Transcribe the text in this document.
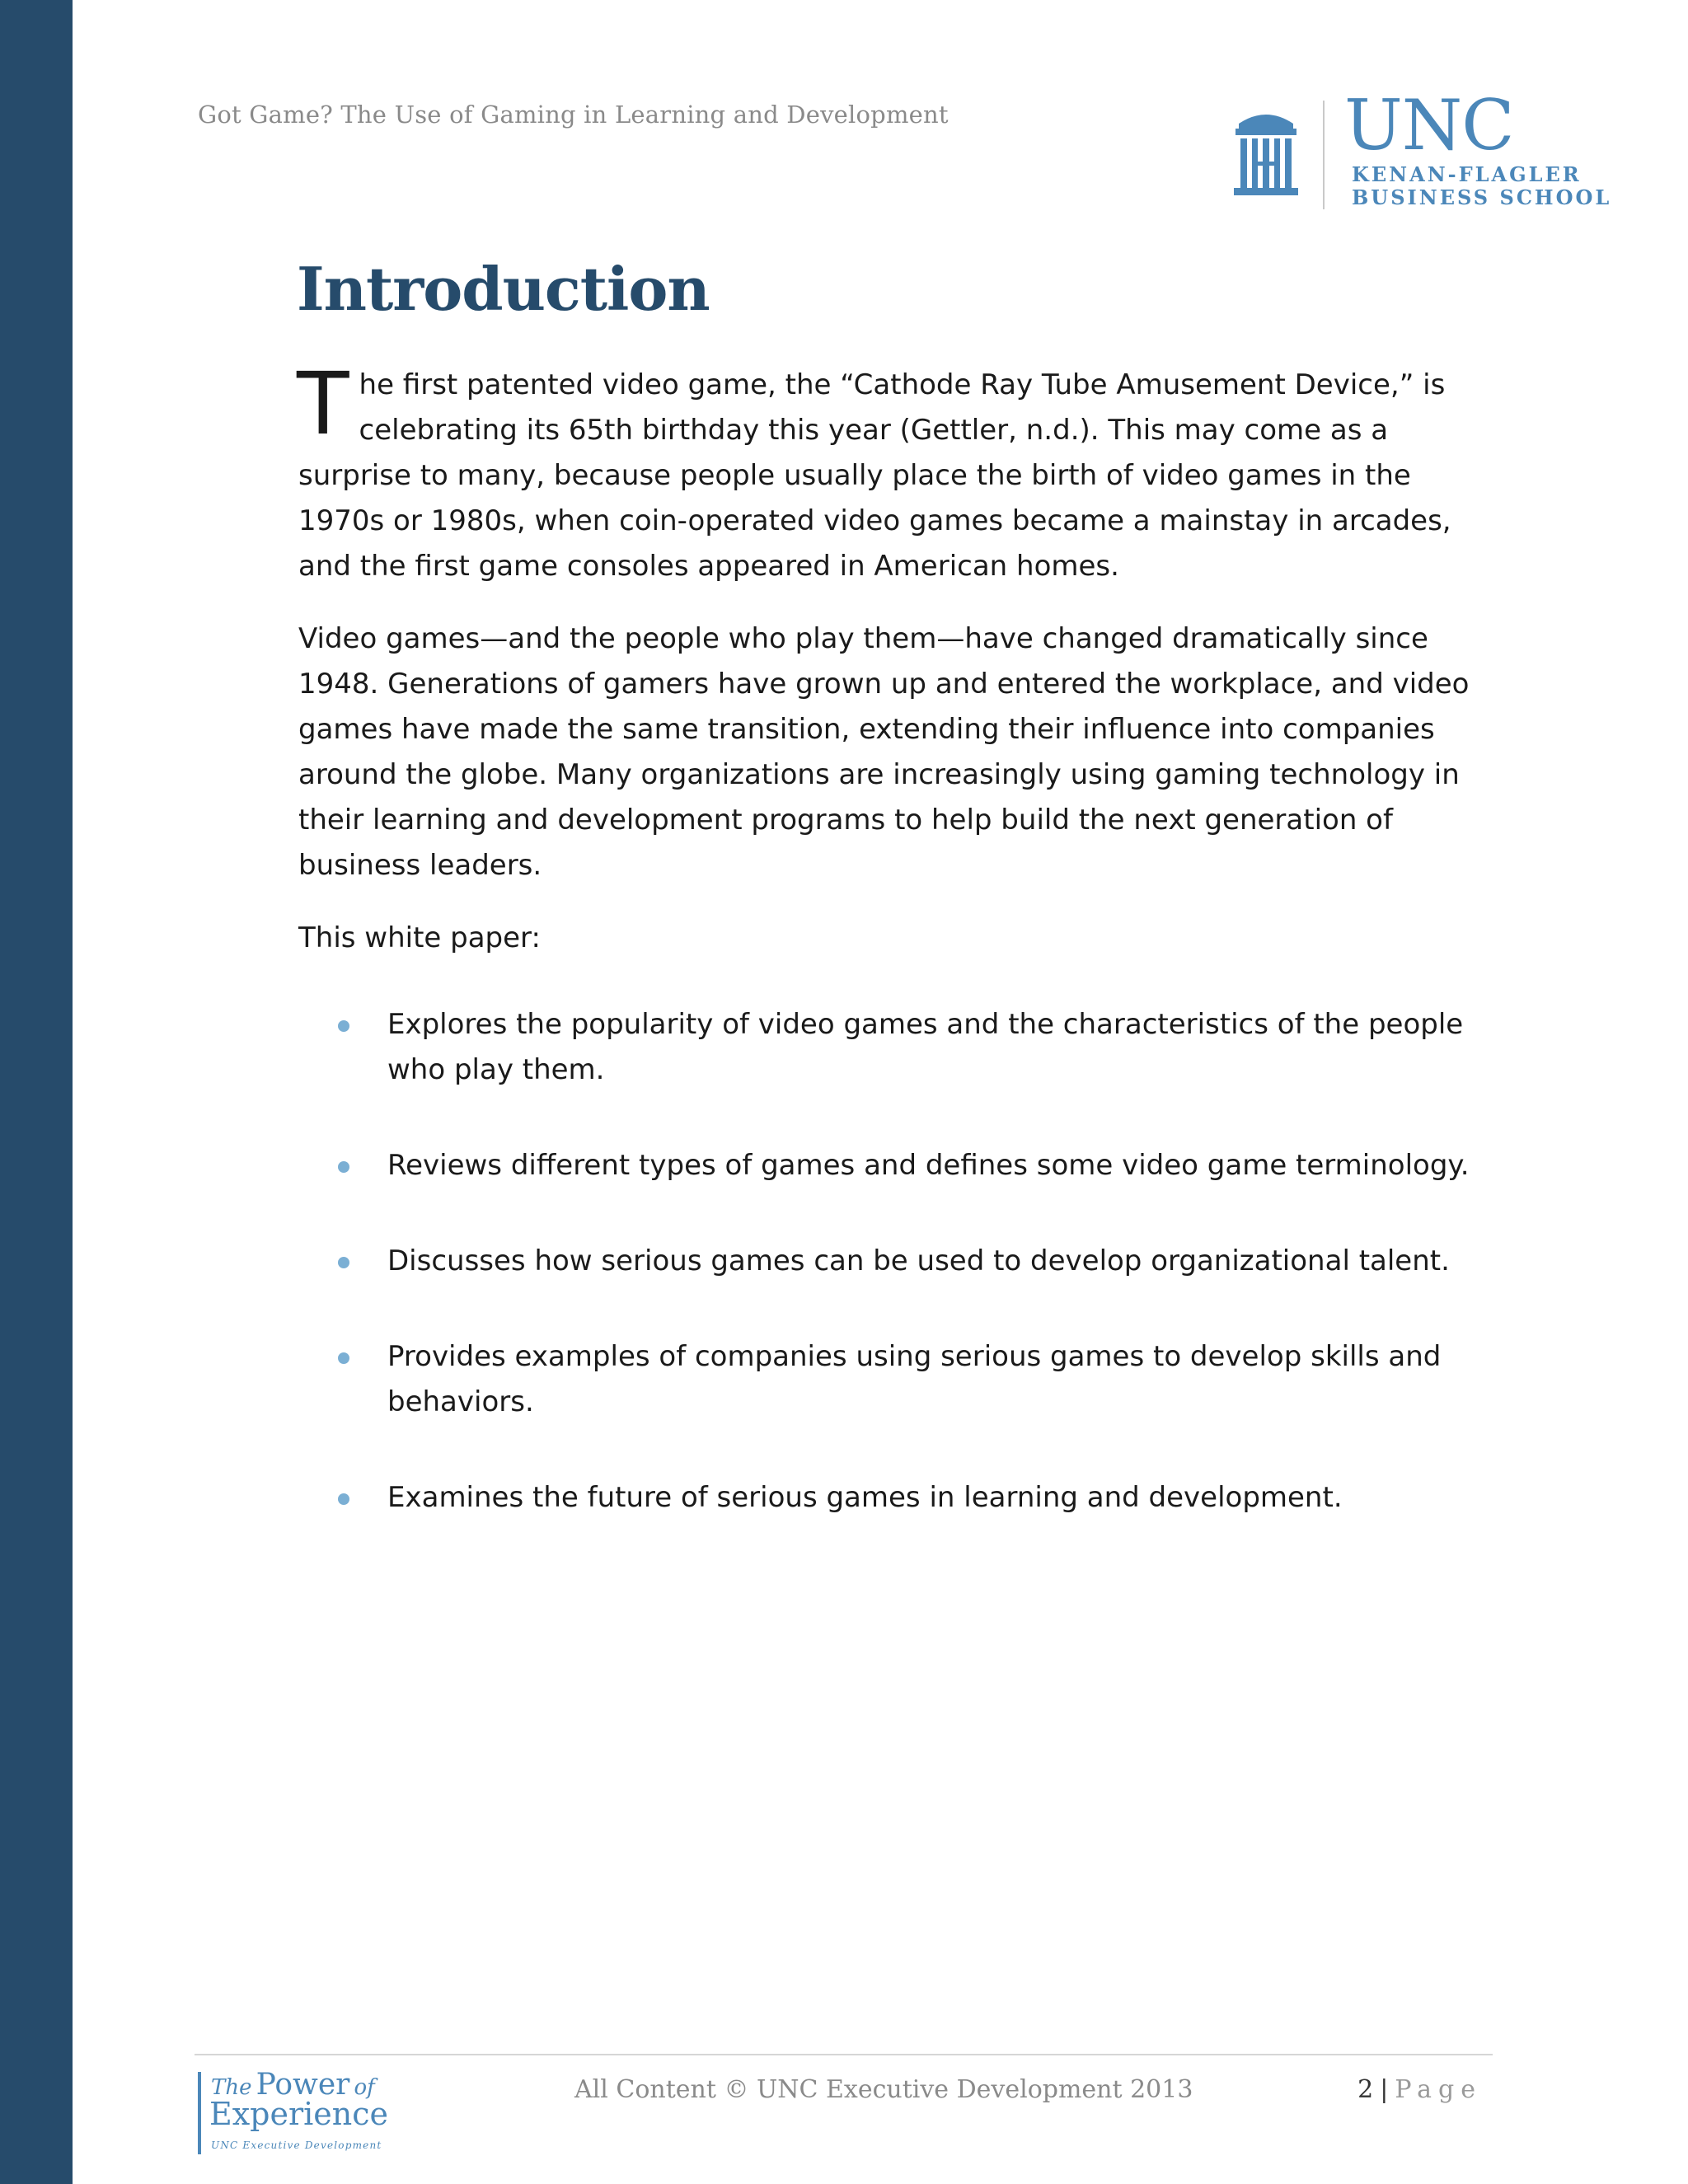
Got Game? The Use of Gaming in Learning and Development	UNC
KENAN-FLAGLER
BUSINESS SCHOOL
Introduction

The first patented video game, the “Cathode Ray Tube Amusement Device,” is celebrating its 65th birthday this year (Gettler, n.d.). This may come as a surprise to many, because people usually place the birth of video games in the 1970s or 1980s, when coin-operated video games became a mainstay in arcades, and the first game consoles appeared in American homes.

Video games—and the people who play them—have changed dramatically since 1948. Generations of gamers have grown up and entered the workplace, and video games have made the same transition, extending their influence into companies around the globe. Many organizations are increasingly using gaming technology in their learning and development programs to help build the next generation of business leaders.

This white paper:

Explores the popularity of video games and the characteristics of the people who play them.
Reviews different types of games and defines some video game terminology.
Discusses how serious games can be used to develop organizational talent.
Provides examples of companies using serious games to develop skills and behaviors.
Examines the future of serious games in learning and development.
The Power of
Experience
UNC Executive Development
All Content © UNC Executive Development 2013	2 | Page
